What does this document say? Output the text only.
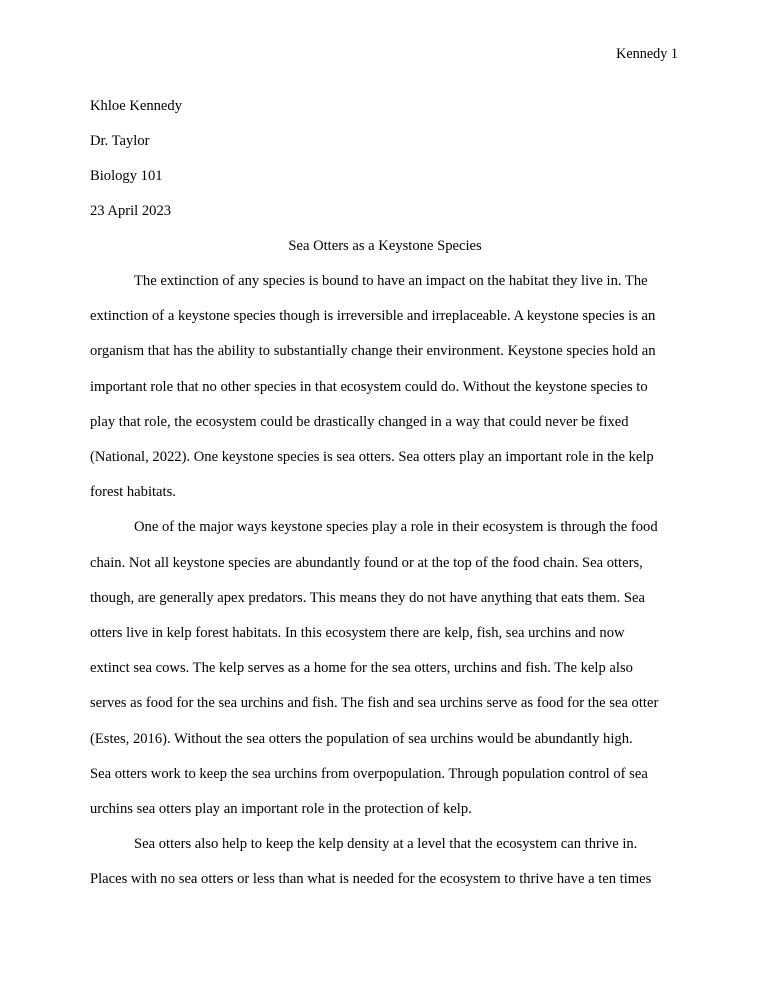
Kennedy 1
Khloe Kennedy
Dr. Taylor
Biology 101
23 April 2023
Sea Otters as a Keystone Species

The extinction of any species is bound to have an impact on the habitat they live in. The
extinction of a keystone species though is irreversible and irreplaceable. A keystone species is an
organism that has the ability to substantially change their environment. Keystone species hold an
important role that no other species in that ecosystem could do. Without the keystone species to
play that role, the ecosystem could be drastically changed in a way that could never be fixed
(National, 2022). One keystone species is sea otters. Sea otters play an important role in the kelp
forest habitats.

One of the major ways keystone species play a role in their ecosystem is through the food
chain. Not all keystone species are abundantly found or at the top of the food chain. Sea otters,
though, are generally apex predators. This means they do not have anything that eats them. Sea
otters live in kelp forest habitats. In this ecosystem there are kelp, fish, sea urchins and now
extinct sea cows. The kelp serves as a home for the sea otters, urchins and fish. The kelp also
serves as food for the sea urchins and fish. The fish and sea urchins serve as food for the sea otter
(Estes, 2016). Without the sea otters the population of sea urchins would be abundantly high.
Sea otters work to keep the sea urchins from overpopulation. Through population control of sea
urchins sea otters play an important role in the protection of kelp.

Sea otters also help to keep the kelp density at a level that the ecosystem can thrive in.
Places with no sea otters or less than what is needed for the ecosystem to thrive have a ten times
